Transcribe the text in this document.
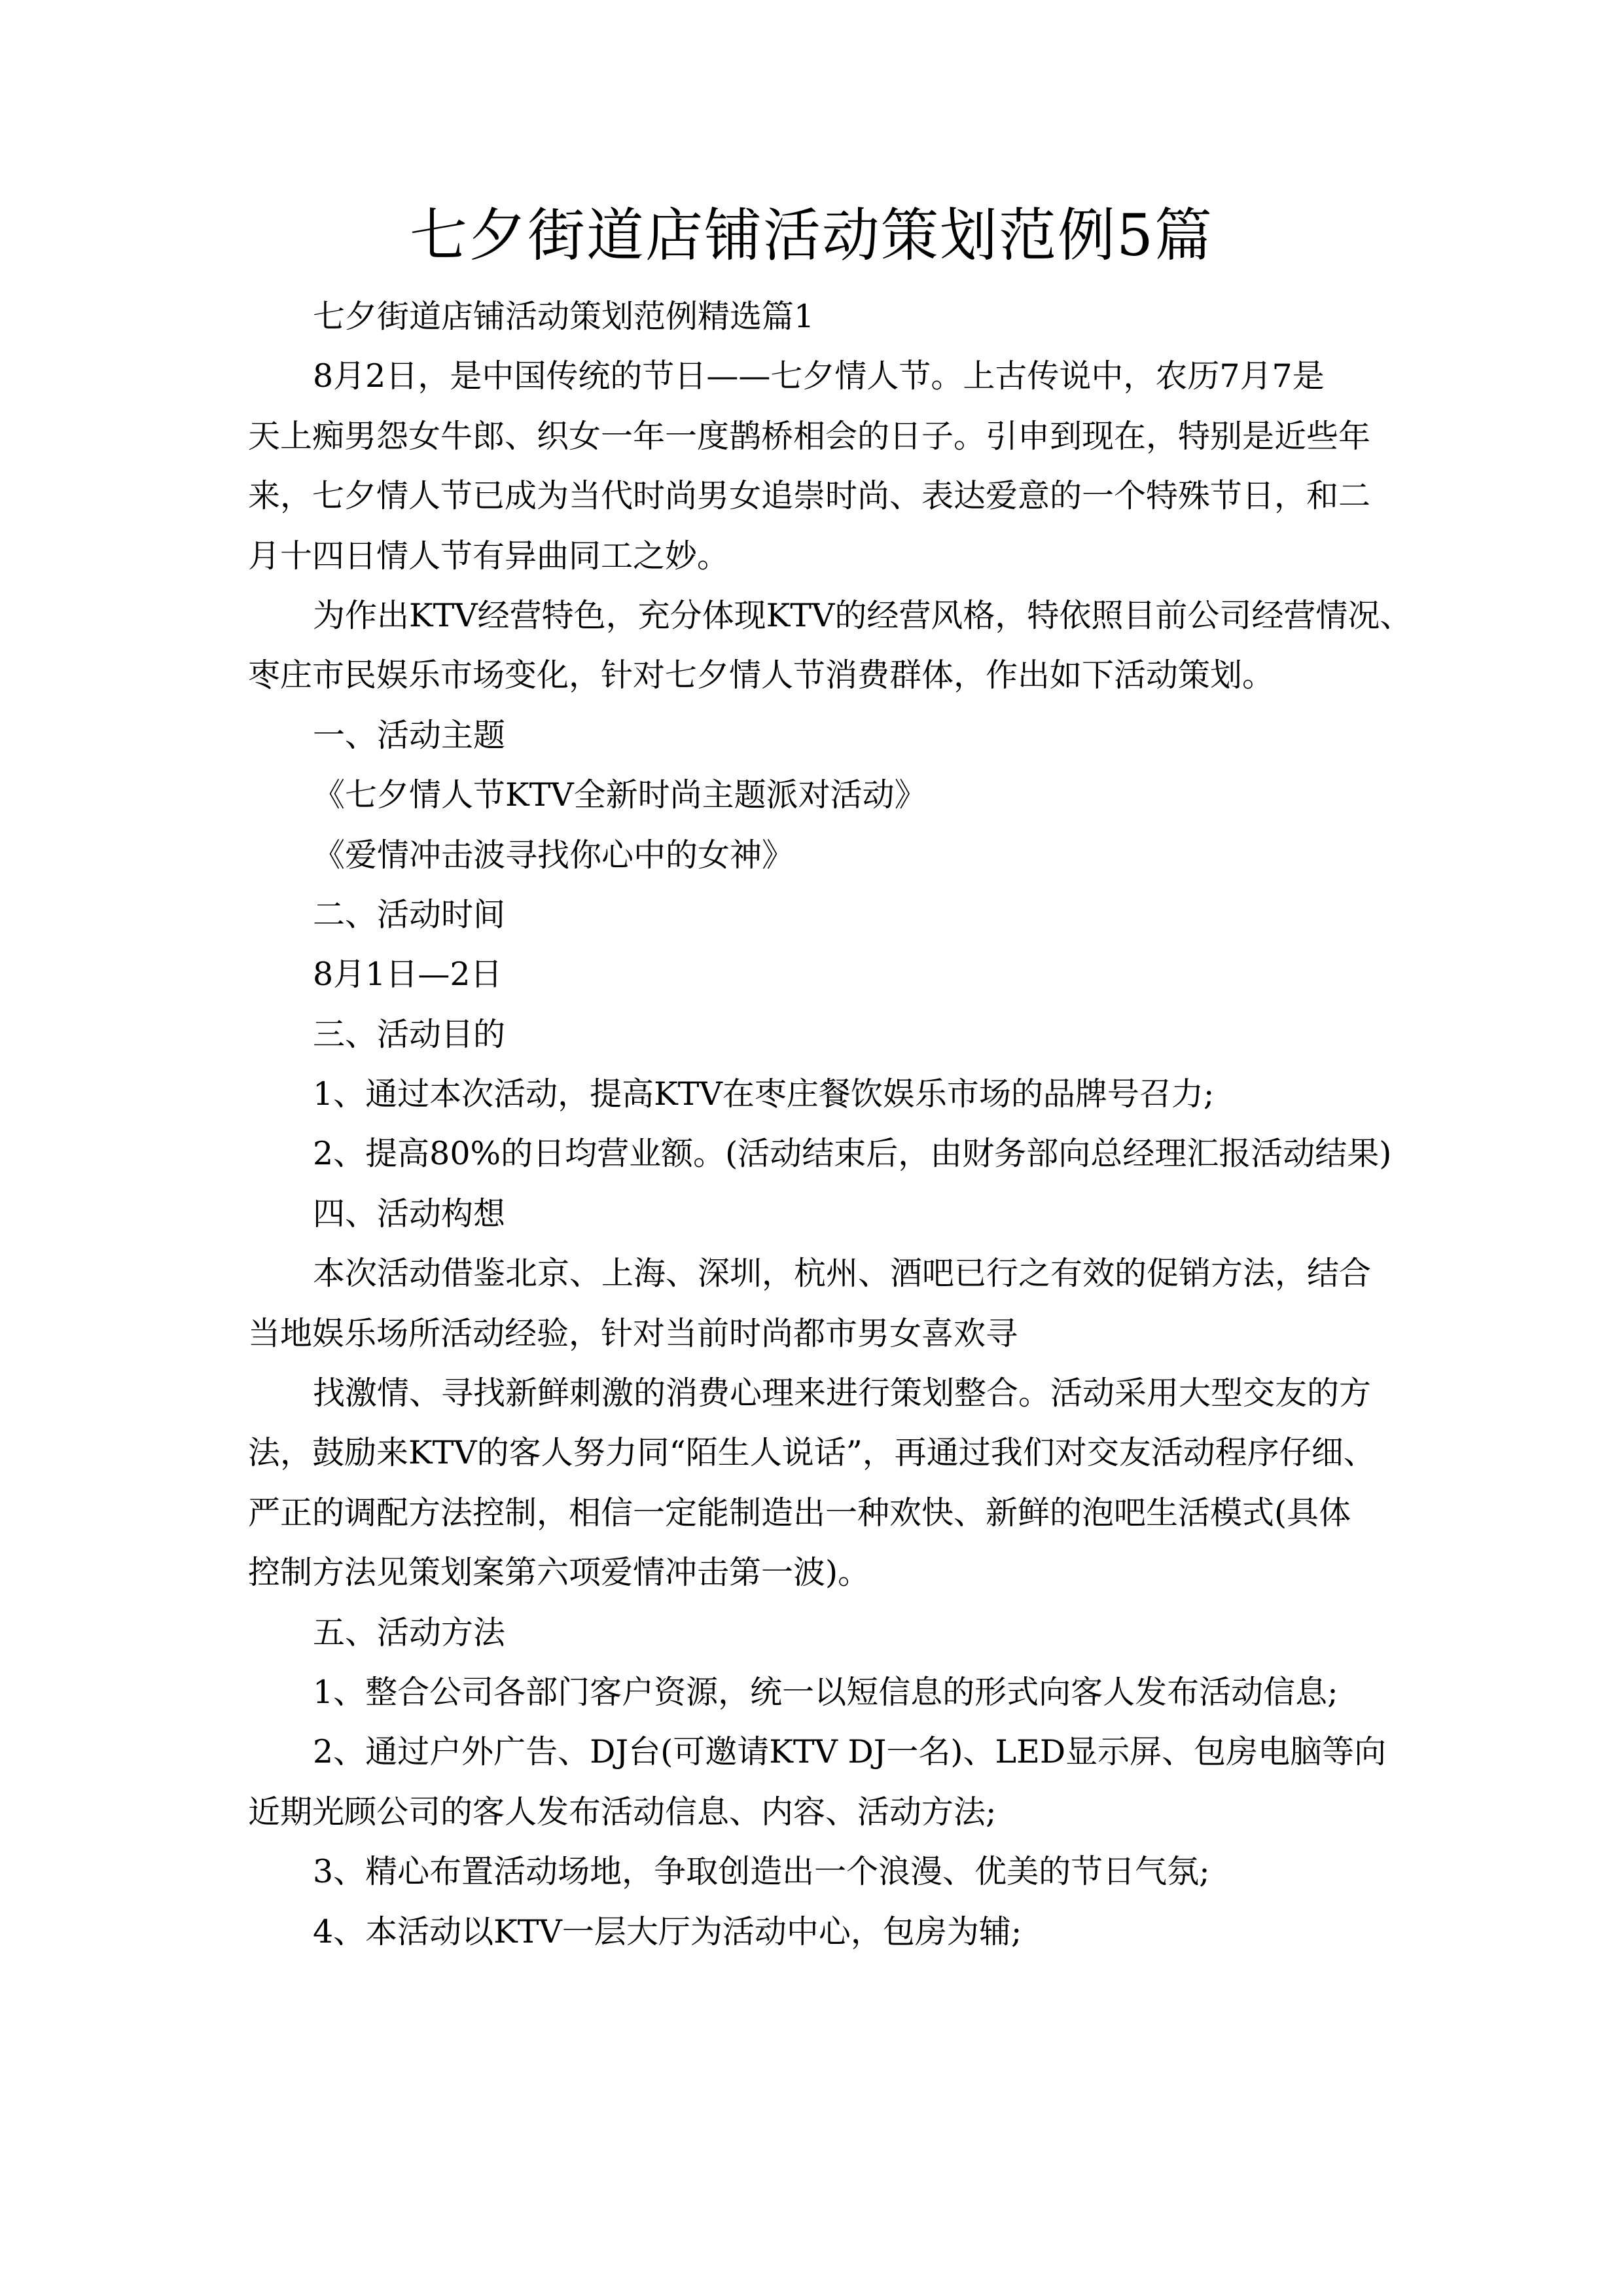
七夕街道店铺活动策划范例5篇
七夕街道店铺活动策划范例精选篇1
8月2日，是中国传统的节日——七夕情人节。上古传说中，农历7月7是
天上痴男怨女牛郎、织女一年一度鹊桥相会的日子。引申到现在，特别是近些年
来，七夕情人节已成为当代时尚男女追崇时尚、表达爱意的一个特殊节日，和二
月十四日情人节有异曲同工之妙。
为作出KTV经营特色，充分体现KTV的经营风格，特依照目前公司经营情况、
枣庄市民娱乐市场变化，针对七夕情人节消费群体，作出如下活动策划。
一、活动主题
《七夕情人节KTV全新时尚主题派对活动》
《爱情冲击波寻找你心中的女神》
二、活动时间
8月1日—2日
三、活动目的
1、通过本次活动，提高KTV在枣庄餐饮娱乐市场的品牌号召力;
2、提高80%的日均营业额。(活动结束后，由财务部向总经理汇报活动结果)
四、活动构想
本次活动借鉴北京、上海、深圳，杭州、酒吧已行之有效的促销方法，结合
当地娱乐场所活动经验，针对当前时尚都市男女喜欢寻
找激情、寻找新鲜刺激的消费心理来进行策划整合。活动采用大型交友的方
法，鼓励来KTV的客人努力同“陌生人说话”，再通过我们对交友活动程序仔细、
严正的调配方法控制，相信一定能制造出一种欢快、新鲜的泡吧生活模式(具体
控制方法见策划案第六项爱情冲击第一波)。
五、活动方法
1、整合公司各部门客户资源，统一以短信息的形式向客人发布活动信息;
2、通过户外广告、DJ台(可邀请KTV DJ一名)、LED显示屏、包房电脑等向
近期光顾公司的客人发布活动信息、内容、活动方法;
3、精心布置活动场地，争取创造出一个浪漫、优美的节日气氛;
4、本活动以KTV一层大厅为活动中心，包房为辅;
